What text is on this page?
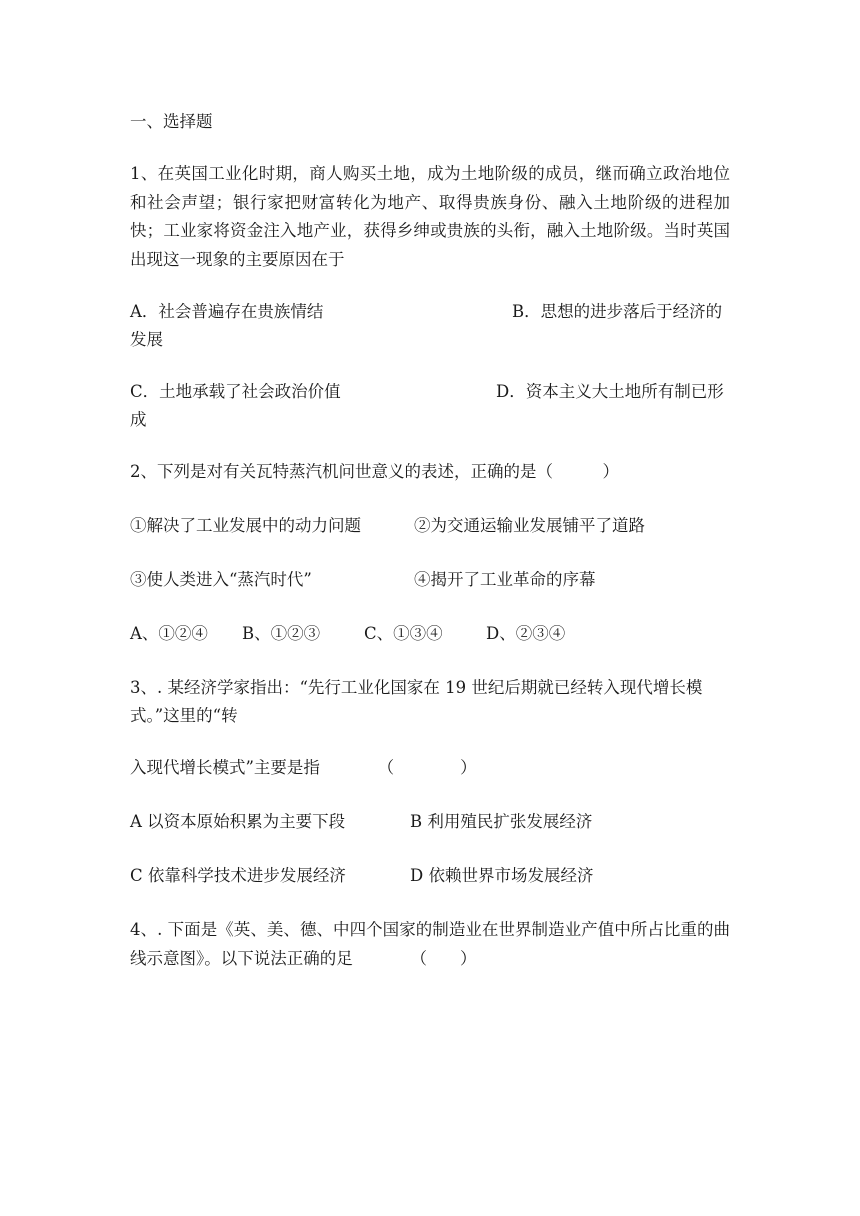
一、选择题
1、在英国工业化时期，商人购买土地，成为土地阶级的成员，继而确立政治地位和社会声望；银行家把财富转化为地产、取得贵族身份、融入土地阶级的进程加快；工业家将资金注入地产业，获得乡绅或贵族的头衔，融入土地阶级。当时英国出现这一现象的主要原因在于
A．社会普遍存在贵族情结	B．思想的进步落后于经济的
发展
C．土地承载了社会政治价值	D．资本主义大土地所有制已形
成
2、下列是对有关瓦特蒸汽机问世意义的表述，正确的是（　　　）
①解决了工业发展中的动力问题	②为交通运输业发展铺平了道路
③使人类进入“蒸汽时代”	④揭开了工业革命的序幕
A、①②④	B、①②③	C、①③④	D、②③④
3、. 某经济学家指出：“先行工业化国家在 19 世纪后期就已经转入现代增长模
式。”这里的“转
入现代增长模式”主要是指　　　　（　　　　）
A 以资本原始积累为主要下段	B 利用殖民扩张发展经济
C 依靠科学技术进步发展经济	D 依赖世界市场发展经济
4、. 下面是《英、美、德、中四个国家的制造业在世界制造业产值中所占比重的曲线示意图》。以下说法正确的足　　　　（　　）
